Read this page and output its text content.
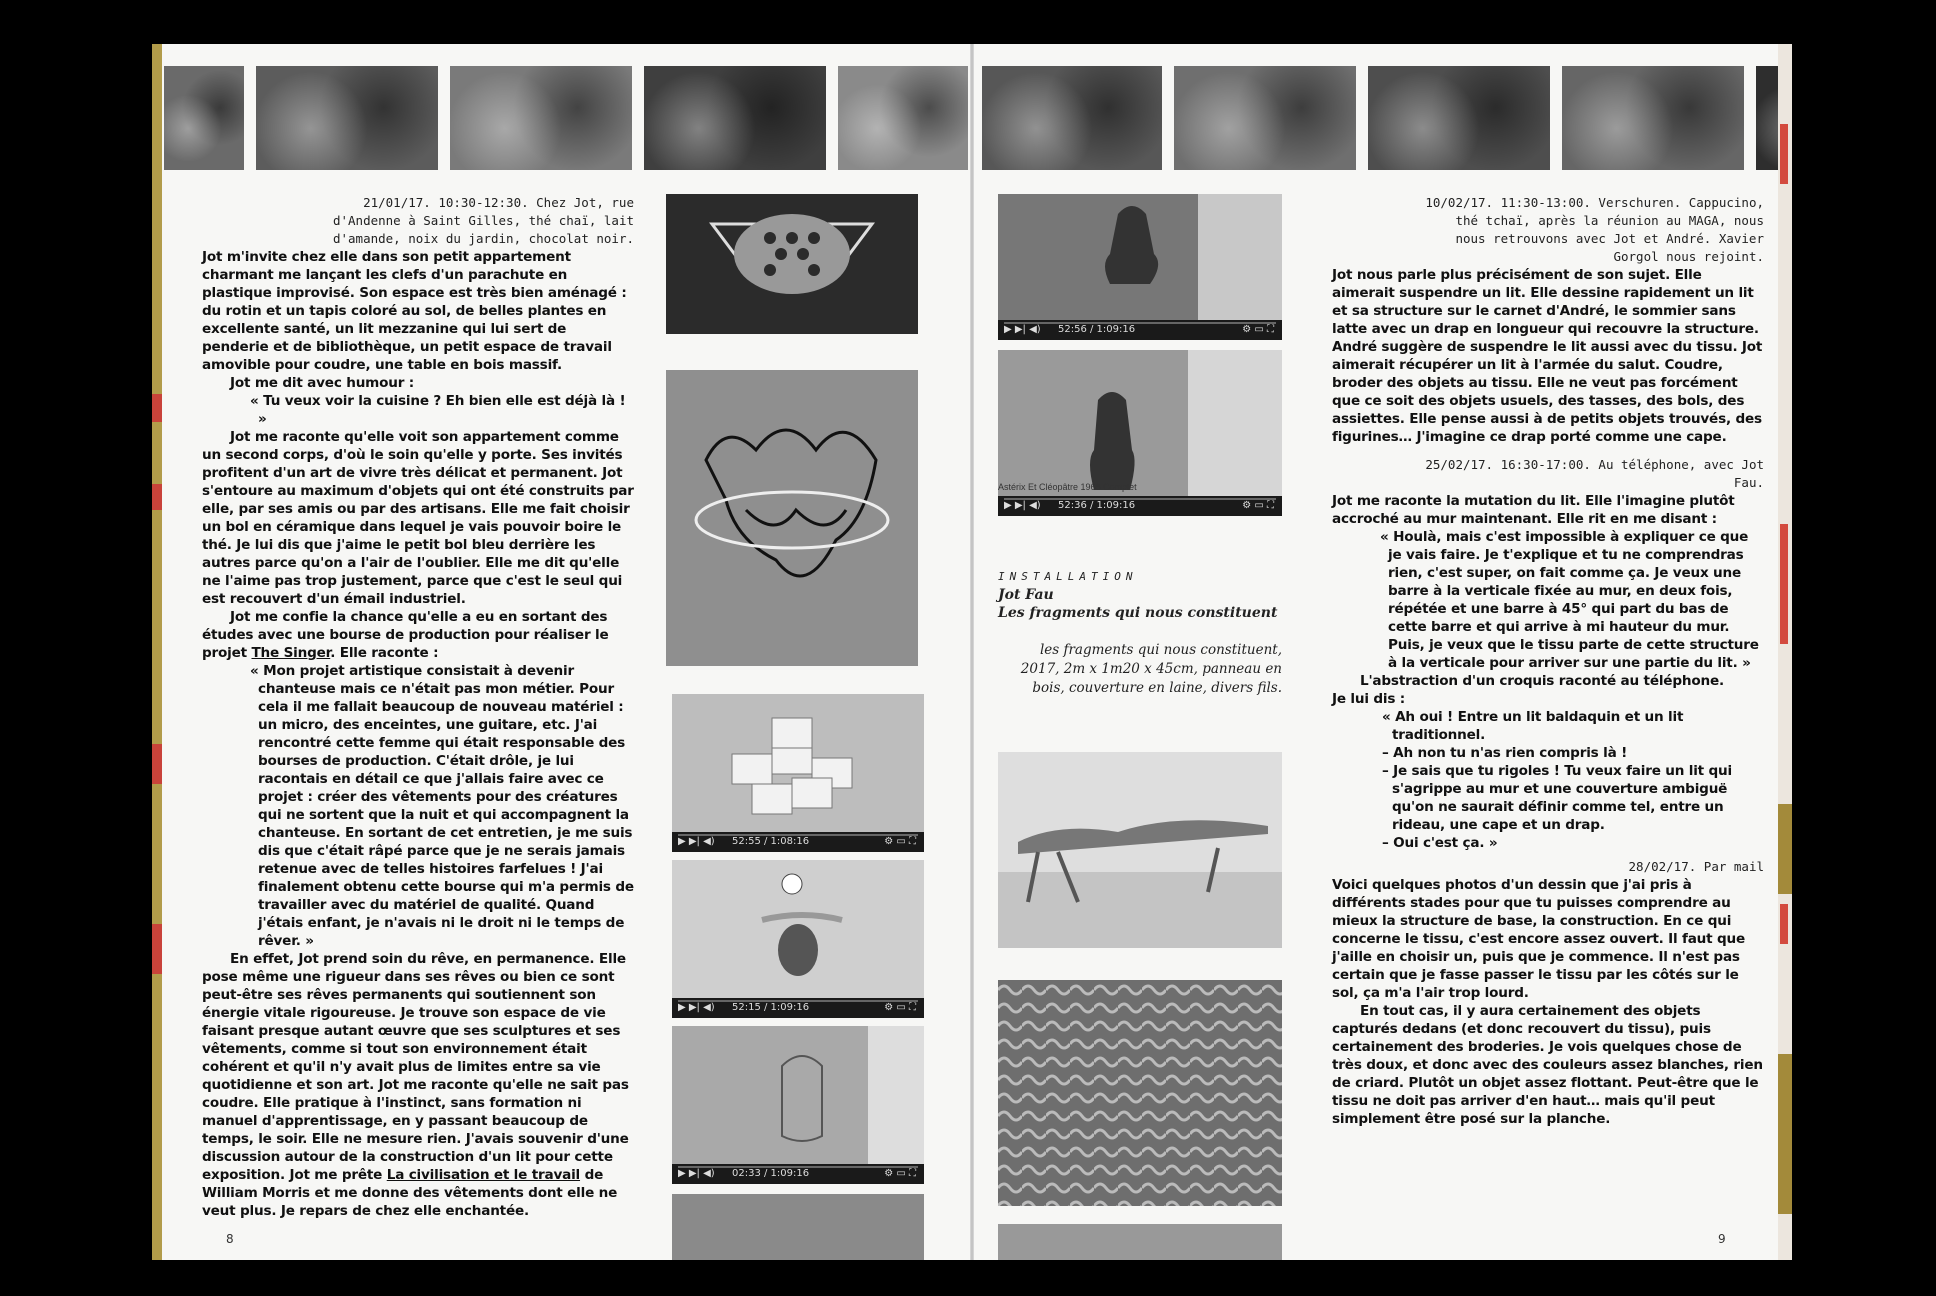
21/01/17. 10:30-12:30. Chez Jot, rue
d'Andenne à Saint Gilles, thé chaï, lait
d'amande, noix du jardin, chocolat noir.

Jot m'invite chez elle dans son petit appartement charmant me lançant les clefs d'un parachute en plastique improvisé. Son espace est très bien aménagé : du rotin et un tapis coloré au sol, de belles plantes en excellente santé, un lit mezzanine qui lui sert de penderie et de bibliothèque, un petit espace de travail amovible pour coudre, une table en bois massif.

Jot me dit avec humour :

« Tu veux voir la cuisine ? Eh bien elle est déjà là ! »

Jot me raconte qu'elle voit son appartement comme un second corps, d'où le soin qu'elle y porte. Ses invités profitent d'un art de vivre très délicat et permanent. Jot s'entoure au maximum d'objets qui ont été construits par elle, par ses amis ou par des artisans. Elle me fait choisir un bol en céramique dans lequel je vais pouvoir boire le thé. Je lui dis que j'aime le petit bol bleu derrière les autres parce qu'on a l'air de l'oublier. Elle me dit qu'elle ne l'aime pas trop justement, parce que c'est le seul qui est recouvert d'un émail industriel.

Jot me confie la chance qu'elle a eu en sortant des études avec une bourse de production pour réaliser le projet The Singer. Elle raconte :

« Mon projet artistique consistait à devenir chanteuse mais ce n'était pas mon métier. Pour cela il me fallait beaucoup de nouveau matériel : un micro, des enceintes, une guitare, etc. J'ai rencontré cette femme qui était responsable des bourses de production. C'était drôle, je lui racontais en détail ce que j'allais faire avec ce projet : créer des vêtements pour des créatures qui ne sortent que la nuit et qui accompagnent la chanteuse. En sortant de cet entretien, je me suis dis que c'était râpé parce que je ne serais jamais retenue avec de telles histoires farfelues ! J'ai finalement obtenu cette bourse qui m'a permis de travailler avec du matériel de qualité. Quand j'étais enfant, je n'avais ni le droit ni le temps de rêver. »

En effet, Jot prend soin du rêve, en permanence. Elle pose même une rigueur dans ses rêves ou bien ce sont peut-être ses rêves permanents qui soutiennent son énergie vitale rigoureuse. Je trouve son espace de vie faisant presque autant œuvre que ses sculptures et ses vêtements, comme si tout son environnement était cohérent et qu'il n'y avait plus de limites entre sa vie quotidienne et son art. Jot me raconte qu'elle ne sait pas coudre. Elle pratique à l'instinct, sans formation ni manuel d'apprentissage, en y passant beaucoup de temps, le soir. Elle ne mesure rien. J'avais souvenir d'une discussion autour de la construction d'un lit pour cette exposition. Jot me prête La civilisation et le travail de William Morris et me donne des vêtements dont elle ne veut plus. Je repars de chez elle enchantée.

8
▶ ▶| ◀) 52:55 / 1:08:16	⚙ ▭ ⛶
▶ ▶| ◀) 52:15 / 1:09:16	⚙ ▭ ⛶
▶ ▶| ◀) 02:33 / 1:09:16	⚙ ▭ ⛶
▶ ▶| ◀) 52:56 / 1:09:16	⚙ ▭ ⛶
▶ ▶| ◀) 52:36 / 1:09:16	⚙ ▭ ⛶
Astérix Et Cléopâtre 1968 Complet
INSTALLATION
Jot Fau
Les fragments qui nous constituent
les fragments qui nous constituent, 2017, 2m x 1m20 x 45cm, panneau en bois, couverture en laine, divers fils.
10/02/17. 11:30-13:00. Verschuren. Cappucino,
thé tchaï, après la réunion au MAGA, nous
nous retrouvons avec Jot et André. Xavier
Gorgol nous rejoint.

Jot nous parle plus précisément de son sujet. Elle aimerait suspendre un lit. Elle dessine rapidement un lit et sa structure sur le carnet d'André, le sommier sans latte avec un drap en longueur qui recouvre la structure. André suggère de suspendre le lit aussi avec du tissu. Jot aimerait récupérer un lit à l'armée du salut. Coudre, broder des objets au tissu. Elle ne veut pas forcément que ce soit des objets usuels, des tasses, des bols, des assiettes. Elle pense aussi à de petits objets trouvés, des figurines… J'imagine ce drap porté comme une cape.

25/02/17. 16:30-17:00. Au téléphone, avec Jot
Fau.

Jot me raconte la mutation du lit. Elle l'imagine plutôt accroché au mur maintenant. Elle rit en me disant :

« Houlà, mais c'est impossible à expliquer ce que je vais faire. Je t'explique et tu ne comprendras rien, c'est super, on fait comme ça. Je veux une barre à la verticale fixée au mur, en deux fois, répétée et une barre à 45° qui part du bas de cette barre et qui arrive à mi hauteur du mur. Puis, je veux que le tissu parte de cette structure à la verticale pour arriver sur une partie du lit. »

L'abstraction d'un croquis raconté au téléphone.

Je lui dis :

« Ah oui ! Entre un lit baldaquin et un lit traditionnel.

– Ah non tu n'as rien compris là !

– Je sais que tu rigoles ! Tu veux faire un lit qui s'agrippe au mur et une couverture ambiguë qu'on ne saurait définir comme tel, entre un rideau, une cape et un drap.

– Oui c'est ça. »

28/02/17. Par mail

Voici quelques photos d'un dessin que j'ai pris à différents stades pour que tu puisses comprendre au mieux la structure de base, la construction. En ce qui concerne le tissu, c'est encore assez ouvert. Il faut que j'aille en choisir un, puis que je commence. Il n'est pas certain que je fasse passer le tissu par les côtés sur le sol, ça m'a l'air trop lourd.

En tout cas, il y aura certainement des objets capturés dedans (et donc recouvert du tissu), puis certainement des broderies. Je vois quelques chose de très doux, et donc avec des couleurs assez blanches, rien de criard. Plutôt un objet assez flottant. Peut-être que le tissu ne doit pas arriver d'en haut… mais qu'il peut simplement être posé sur la planche.

9
